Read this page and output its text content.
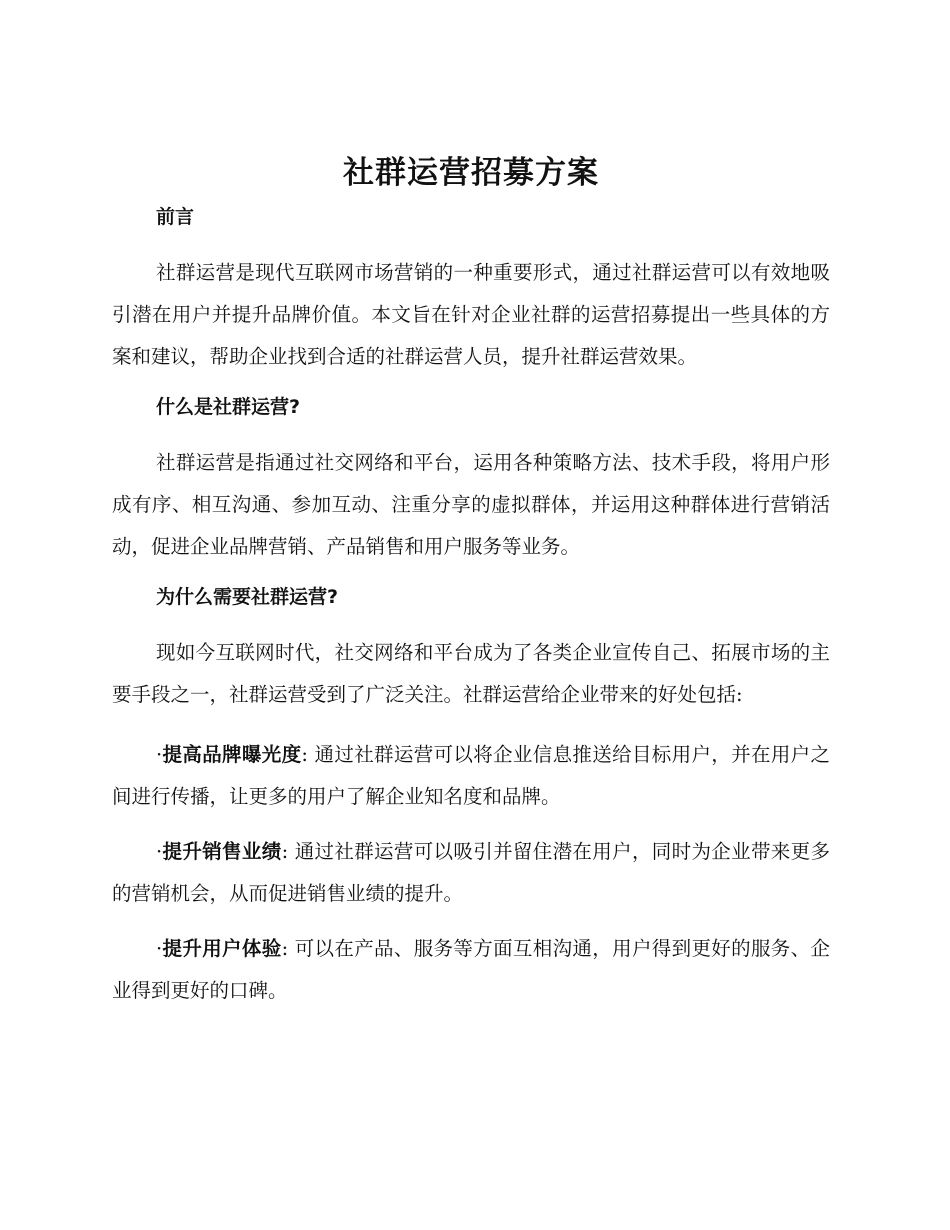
社群运营招募方案
前言

社群运营是现代互联网市场营销的一种重要形式，通过社群运营可以有效地吸引潜在用户并提升品牌价值。本文旨在针对企业社群的运营招募提出一些具体的方案和建议，帮助企业找到合适的社群运营人员，提升社群运营效果。

什么是社群运营?

社群运营是指通过社交网络和平台，运用各种策略方法、技术手段，将用户形成有序、相互沟通、参加互动、注重分享的虚拟群体，并运用这种群体进行营销活动，促进企业品牌营销、产品销售和用户服务等业务。

为什么需要社群运营?

现如今互联网时代，社交网络和平台成为了各类企业宣传自己、拓展市场的主要手段之一，社群运营受到了广泛关注。社群运营给企业带来的好处包括:

·提高品牌曝光度: 通过社群运营可以将企业信息推送给目标用户，并在用户之间进行传播，让更多的用户了解企业知名度和品牌。

·提升销售业绩: 通过社群运营可以吸引并留住潜在用户，同时为企业带来更多的营销机会，从而促进销售业绩的提升。

·提升用户体验: 可以在产品、服务等方面互相沟通，用户得到更好的服务、企业得到更好的口碑。
